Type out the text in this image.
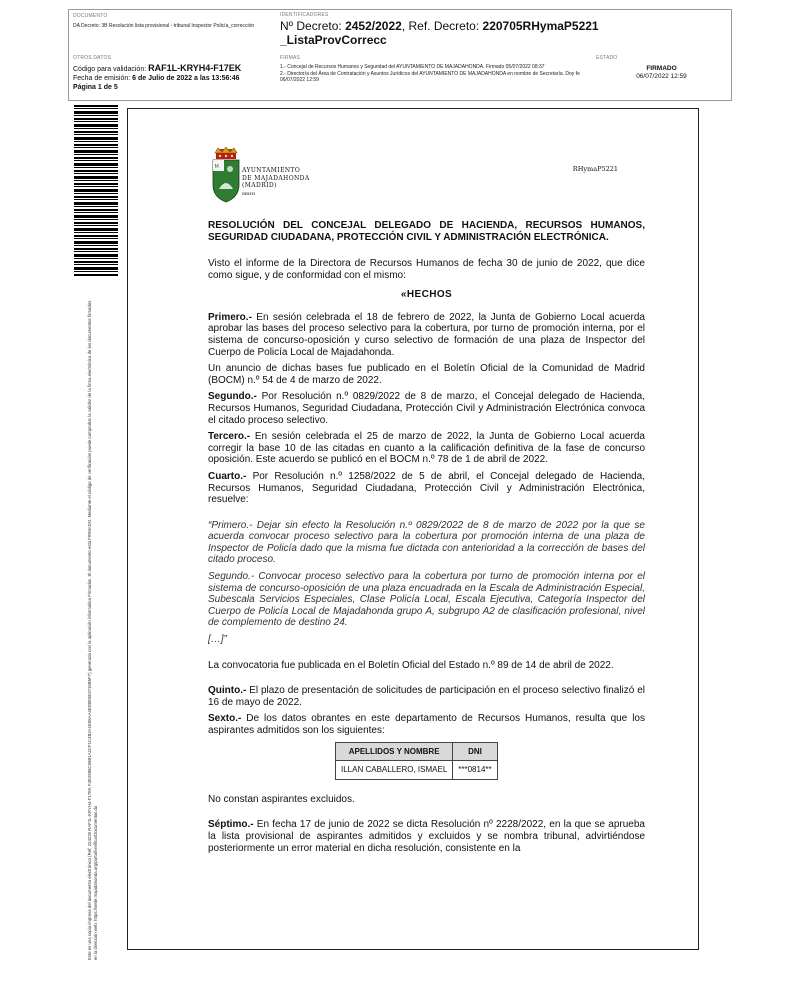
DOCUMENTO
DA Decreto: 3B Resolución lista provisional - tribunal Inspector Policía_corrección
IDENTIFICADORES
Nº Decreto: 2452/2022, Ref. Decreto: 220705RHymaP5221
_ListaProvCorrecc
OTROS DATOS
Código para validación: RAF1L-KRYH4-F17EK
Fecha de emisión: 6 de Julio de 2022 a las 13:56:46
Página 1 de 5
FIRMAS
1.- Concejal de Recursos Humanos y Seguridad del AYUNTAMIENTO DE MAJADAHONDA. Firmado 05/07/2022 08:37
2.- Director/a del Área de Contratación y Asuntos Jurídicos del AYUNTAMIENTO DE MAJADAHONDA en nombre de Secretaría. Doy fe 06/07/2022 12:59
ESTADO
FIRMADO
06/07/2022 12:59
Este es una copia impresa del documento electrónico (Ref: 224239 RAF1L-KRYH4-F17EK F4E2908C66B1A2CF1C4B2A1E65AA4ED0E5E3716B5F7) generada con la aplicación informática Firmadoc. El documento está FIRMADO. Mediante el código de verificación puede comprobar la validez de la firma electrónica de los documentos firmados en la dirección web: https://sede.majadahonda.org/portal/verificarDocumentos.do
M	AYUNTAMIENTO
DE MAJADAHONDA
(MADRID)
RRHH
RHymaP5221

RESOLUCIÓN DEL CONCEJAL DELEGADO DE HACIENDA, RECURSOS HUMANOS, SEGURIDAD CIUDADANA, PROTECCIÓN CIVIL Y ADMINISTRACIÓN ELECTRÓNICA.

Visto el informe de la Directora de Recursos Humanos de fecha 30 de junio de 2022, que dice como sigue, y de conformidad con el mismo:

«HECHOS

Primero.- En sesión celebrada el 18 de febrero de 2022, la Junta de Gobierno Local acuerda aprobar las bases del proceso selectivo para la cobertura, por turno de promoción interna, por el sistema de concurso-oposición y curso selectivo de formación de una plaza de Inspector del Cuerpo de Policía Local de Majadahonda.

Un anuncio de dichas bases fue publicado en el Boletín Oficial de la Comunidad de Madrid (BOCM) n.º 54 de 4 de marzo de 2022.

Segundo.- Por Resolución n.º 0829/2022 de 8 de marzo, el Concejal delegado de Hacienda, Recursos Humanos, Seguridad Ciudadana, Protección Civil y Administración Electrónica convoca el citado proceso selectivo.

Tercero.- En sesión celebrada el 25 de marzo de 2022, la Junta de Gobierno Local acuerda corregir la base 10 de las citadas en cuanto a la calificación definitiva de la fase de concurso oposición. Este acuerdo se publicó en el BOCM n.º 78 de 1 de abril de 2022.

Cuarto.- Por Resolución n.º 1258/2022 de 5 de abril, el Concejal delegado de Hacienda, Recursos Humanos, Seguridad Ciudadana, Protección Civil y Administración Electrónica, resuelve:

“Primero.- Dejar sin efecto la Resolución n.º 0829/2022 de 8 de marzo de 2022 por la que se acuerda convocar proceso selectivo para la cobertura por promoción interna de una plaza de Inspector de Policía dado que la misma fue dictada con anterioridad a la corrección de bases del citado proceso.

Segundo.- Convocar proceso selectivo para la cobertura por turno de promoción interna por el sistema de concurso-oposición de una plaza encuadrada en la Escala de Administración Especial, Subescala Servicios Especiales, Clase Policía Local, Escala Ejecutiva, Categoría Inspector del Cuerpo de Policía Local de Majadahonda grupo A, subgrupo A2 de clasificación profesional, nivel de complemento de destino 24.

[…]”

La convocatoria fue publicada en el Boletín Oficial del Estado n.º 89 de 14 de abril de 2022.

Quinto.- El plazo de presentación de solicitudes de participación en el proceso selectivo finalizó el 16 de mayo de 2022.

Sexto.- De los datos obrantes en este departamento de Recursos Humanos, resulta que los aspirantes admitidos son los siguientes:

APELLIDOS Y NOMBRE	DNI
ILLAN CABALLERO, ISMAEL	***0814**

No constan aspirantes excluidos.

Séptimo.- En fecha 17 de junio de 2022 se dicta Resolución nº 2228/2022, en la que se aprueba la lista provisional de aspirantes admitidos y excluidos y se nombra tribunal, advirtiéndose posteriormente un error material en dicha resolución, consistente en la
